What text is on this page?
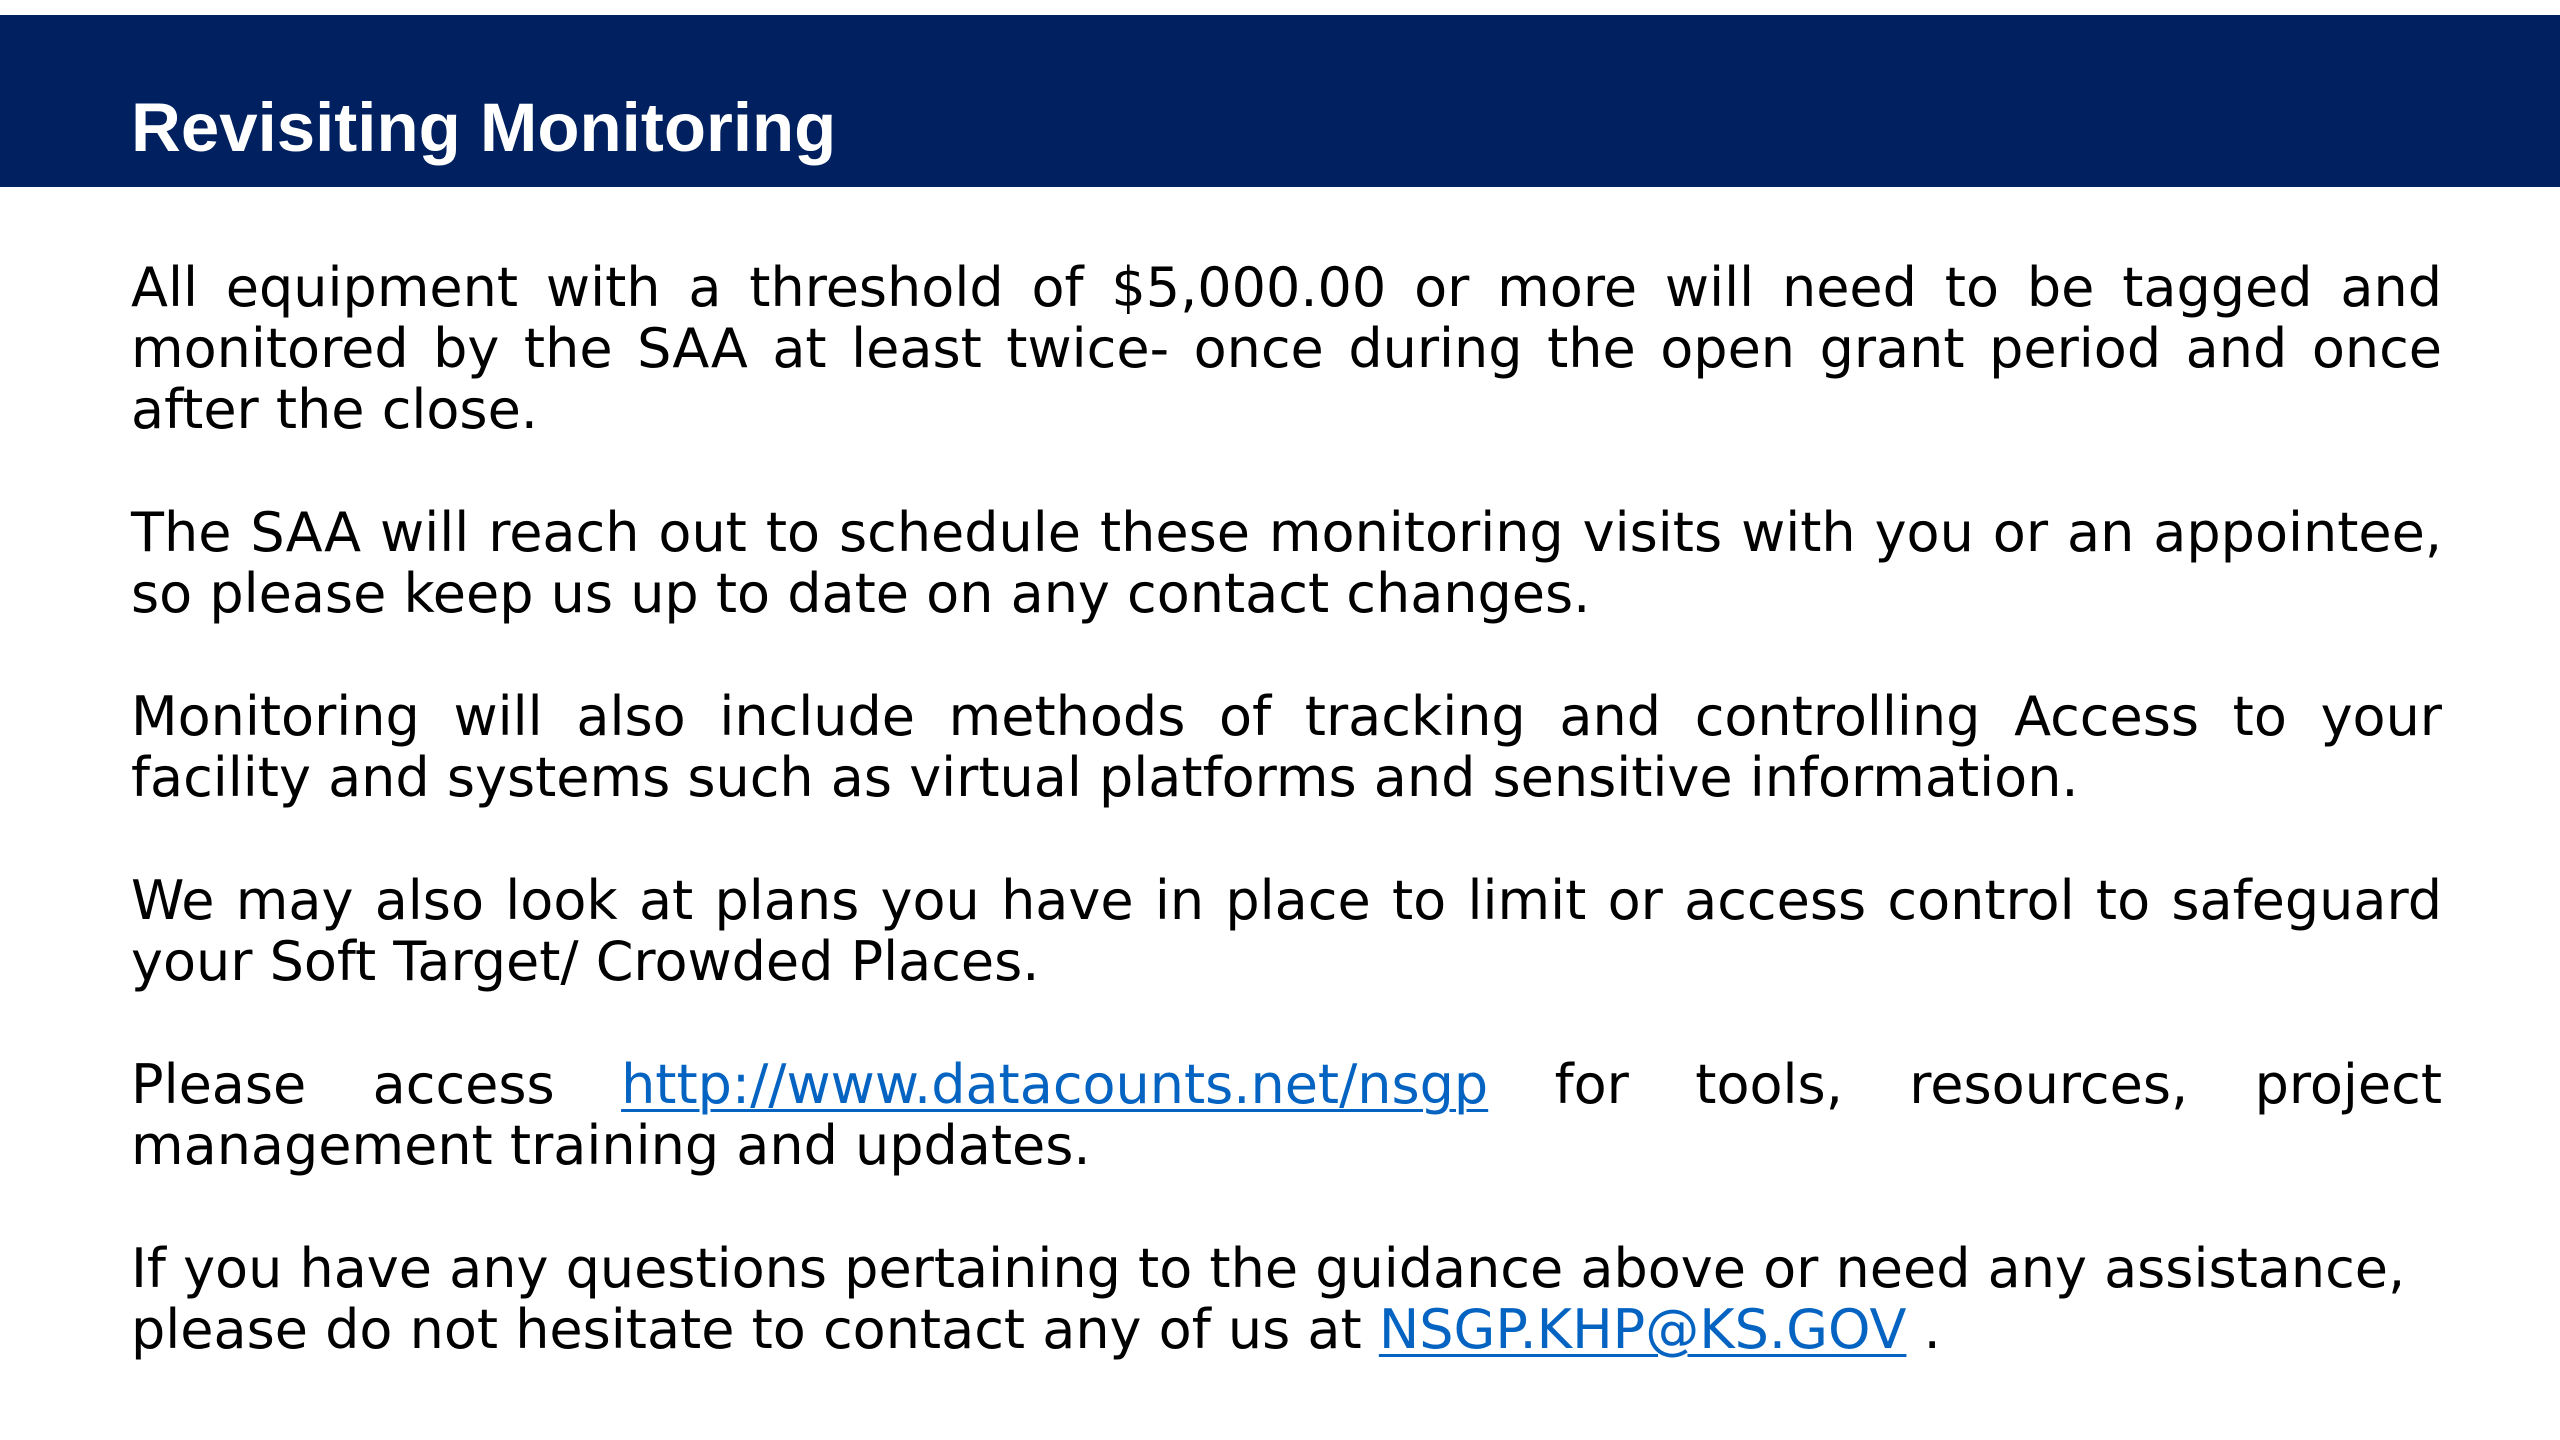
Revisiting Monitoring

All equipment with a threshold of $5,000.00 or more will need to be tagged and monitored by the SAA at least twice- once during the open grant period and once after the close.

The SAA will reach out to schedule these monitoring visits with you or an appointee, so please keep us up to date on any contact changes.

Monitoring will also include methods of tracking and controlling Access to your facility and systems such as virtual platforms and sensitive information.

We may also look at plans you have in place to limit or access control to safeguard your Soft Target/ Crowded Places.

Please access http://www.datacounts.net/nsgp for tools, resources, project management training and updates.

If you have any questions pertaining to the guidance above or need any assistance, please do not hesitate to contact any of us at NSGP.KHP@KS.GOV .
